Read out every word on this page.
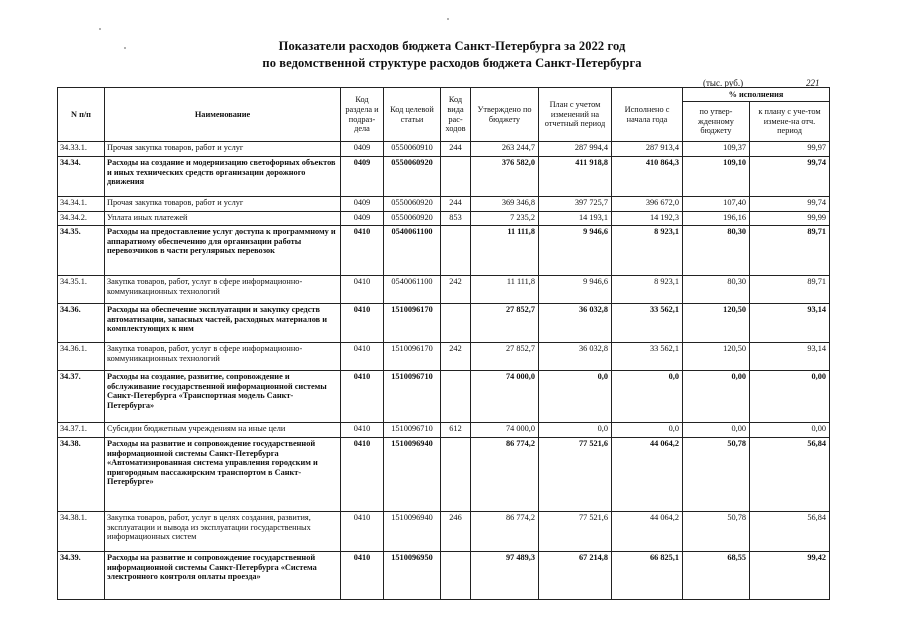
Показатели расходов бюджета Санкт-Петербурга за 2022 год
по ведомственной структуре расходов бюджета Санкт-Петербурга
(тыс. руб.)	221
N п/п	Наименование	Код раздела и подраз-дела	Код целевой статьи	Код вида рас-ходов	Утверждено по бюджету	План с учетом изменений на отчетный период	Исполнено с начала года	% исполнения	
								по утвер-жденному бюджету	к плану с уче-том измене-на отч. период
34.33.1.	Прочая закупка товаров, работ и услуг	0409	0550060910	244	263 244,7	287 994,4	287 913,4	109,37	99,97
34.34.	Расходы на создание и модернизацию светофорных объектов и иных технических средств организации дорожного движения	0409	0550060920		376 582,0	411 918,8	410 864,3	109,10	99,74
34.34.1.	Прочая закупка товаров, работ и услуг	0409	0550060920	244	369 346,8	397 725,7	396 672,0	107,40	99,74
34.34.2.	Уплата иных платежей	0409	0550060920	853	7 235,2	14 193,1	14 192,3	196,16	99,99
34.35.	Расходы на предоставление услуг доступа к программному и аппаратному обеспечению для организации работы перевозчиков в части регулярных перевозок	0410	0540061100		11 111,8	9 946,6	8 923,1	80,30	89,71
34.35.1.	Закупка товаров, работ, услуг в сфере информационно-коммуникационных технологий	0410	0540061100	242	11 111,8	9 946,6	8 923,1	80,30	89,71
34.36.	Расходы на обеспечение эксплуатации и закупку средств автоматизации, запасных частей, расходных материалов и комплектующих к ним	0410	1510096170		27 852,7	36 032,8	33 562,1	120,50	93,14
34.36.1.	Закупка товаров, работ, услуг в сфере информационно-коммуникационных технологий	0410	1510096170	242	27 852,7	36 032,8	33 562,1	120,50	93,14
34.37.	Расходы на создание, развитие, сопровождение и обслуживание государственной информационной системы Санкт-Петербурга «Транспортная модель Санкт-Петербурга»	0410	1510096710		74 000,0	0,0	0,0	0,00	0,00
34.37.1.	Субсидии бюджетным учреждениям на иные цели	0410	1510096710	612	74 000,0	0,0	0,0	0,00	0,00
34.38.	Расходы на развитие и сопровождение государственной информационной системы Санкт-Петербурга «Автоматизированная система управления городским и пригородным пассажирским транспортом в Санкт-Петербурге»	0410	1510096940		86 774,2	77 521,6	44 064,2	50,78	56,84
34.38.1.	Закупка товаров, работ, услуг в целях создания, развития, эксплуатации и вывода из эксплуатации государственных информационных систем	0410	1510096940	246	86 774,2	77 521,6	44 064,2	50,78	56,84
34.39.	Расходы на развитие и сопровождение государственной информационной системы Санкт-Петербурга «Система электронного контроля оплаты проезда»	0410	1510096950		97 489,3	67 214,8	66 825,1	68,55	99,42
